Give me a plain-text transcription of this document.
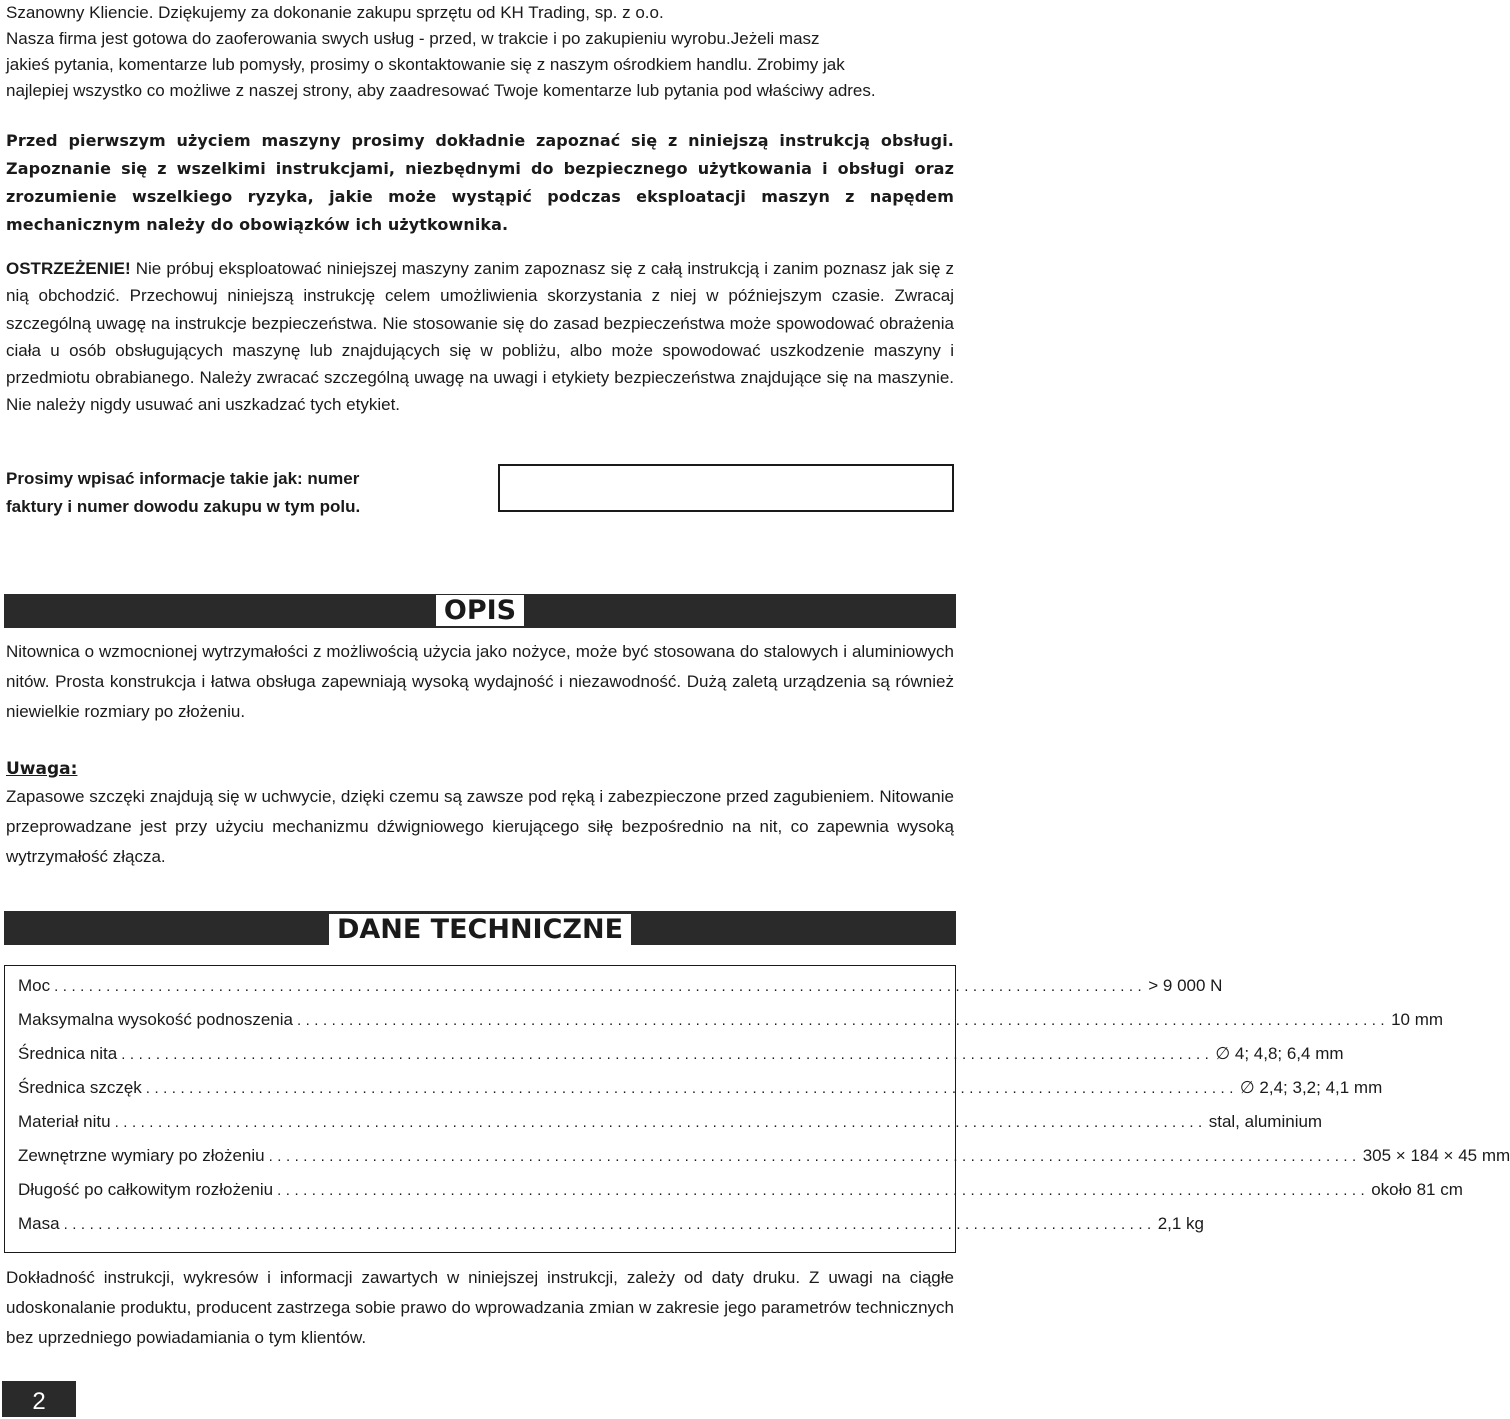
Szanowny Kliencie. Dziękujemy za dokonanie zakupu sprzętu od KH Trading, sp. z o.o.

Nasza firma jest gotowa do zaoferowania swych usług - przed, w trakcie i po zakupieniu wyrobu.Jeżeli masz

jakieś pytania, komentarze lub pomysły, prosimy o skontaktowanie się z naszym ośrodkiem handlu. Zrobimy jak

najlepiej wszystko co możliwe z naszej strony, aby zaadresować Twoje komentarze lub pytania pod właściwy adres.

Przed pierwszym użyciem maszyny prosimy dokładnie zapoznać się z niniejszą instrukcją obsługi. Zapoznanie się z wszelkimi instrukcjami, niezbędnymi do bezpiecznego użytkowania i obsługi oraz zrozumienie wszelkiego ryzyka, jakie może wystąpić podczas eksploatacji maszyn z napędem mechanicznym należy do obowiązków ich użytkownika.

OSTRZEŻENIE! Nie próbuj eksploatować niniejszej maszyny zanim zapoznasz się z całą instrukcją i zanim poznasz jak się z nią obchodzić. Przechowuj niniejszą instrukcję celem umożliwienia skorzystania z niej w późniejszym czasie. Zwracaj szczególną uwagę na instrukcje bezpieczeństwa. Nie stosowanie się do zasad bezpieczeństwa może spowodować obrażenia ciała u osób obsługujących maszynę lub znajdujących się w pobliżu, albo może spowodować uszkodzenie maszyny i przedmiotu obrabianego. Należy zwracać szczególną uwagę na uwagi i etykiety bezpieczeństwa znajdujące się na maszynie. Nie należy nigdy usuwać ani uszkadzać tych etykiet.

Prosimy wpisać informacje takie jak: numer
faktury i numer dowodu zakupu w tym polu.
OPIS

Nitownica o wzmocnionej wytrzymałości z możliwością użycia jako nożyce, może być stosowana do stalowych i aluminiowych nitów. Prosta konstrukcja i łatwa obsługa zapewniają wysoką wydajność i niezawodność. Dużą zaletą urządzenia są również niewielkie rozmiary po złożeniu.

Uwaga:

Zapasowe szczęki znajdują się w uchwycie, dzięki czemu są zawsze pod ręką i zabezpieczone przed zagubieniem. Nitowanie przeprowadzane jest przy użyciu mechanizmu dźwigniowego kierującego siłę bezpośrednio na nit, co zapewnia wysoką wytrzymałość złącza.

DANE TECHNICZNE
Moc .............................................................................................................................. > 9 000 N
Maksymalna wysokość podnoszenia .............................................................................................................................. 10 mm
Średnica nita .............................................................................................................................. ∅ 4; 4,8; 6,4 mm
Średnica szczęk .............................................................................................................................. ∅ 2,4; 3,2; 4,1 mm
Materiał nitu .............................................................................................................................. stal, aluminium
Zewnętrzne wymiary po złożeniu .............................................................................................................................. 305 × 184 × 45 mm
Długość po całkowitym rozłożeniu .............................................................................................................................. około 81 cm
Masa .............................................................................................................................. 2,1 kg

Dokładność instrukcji, wykresów i informacji zawartych w niniejszej instrukcji, zależy od daty druku. Z uwagi na ciągłe udoskonalanie produktu, producent zastrzega sobie prawo do wprowadzania zmian w zakresie jego parametrów technicznych bez uprzedniego powiadamiania o tym klientów.

2
